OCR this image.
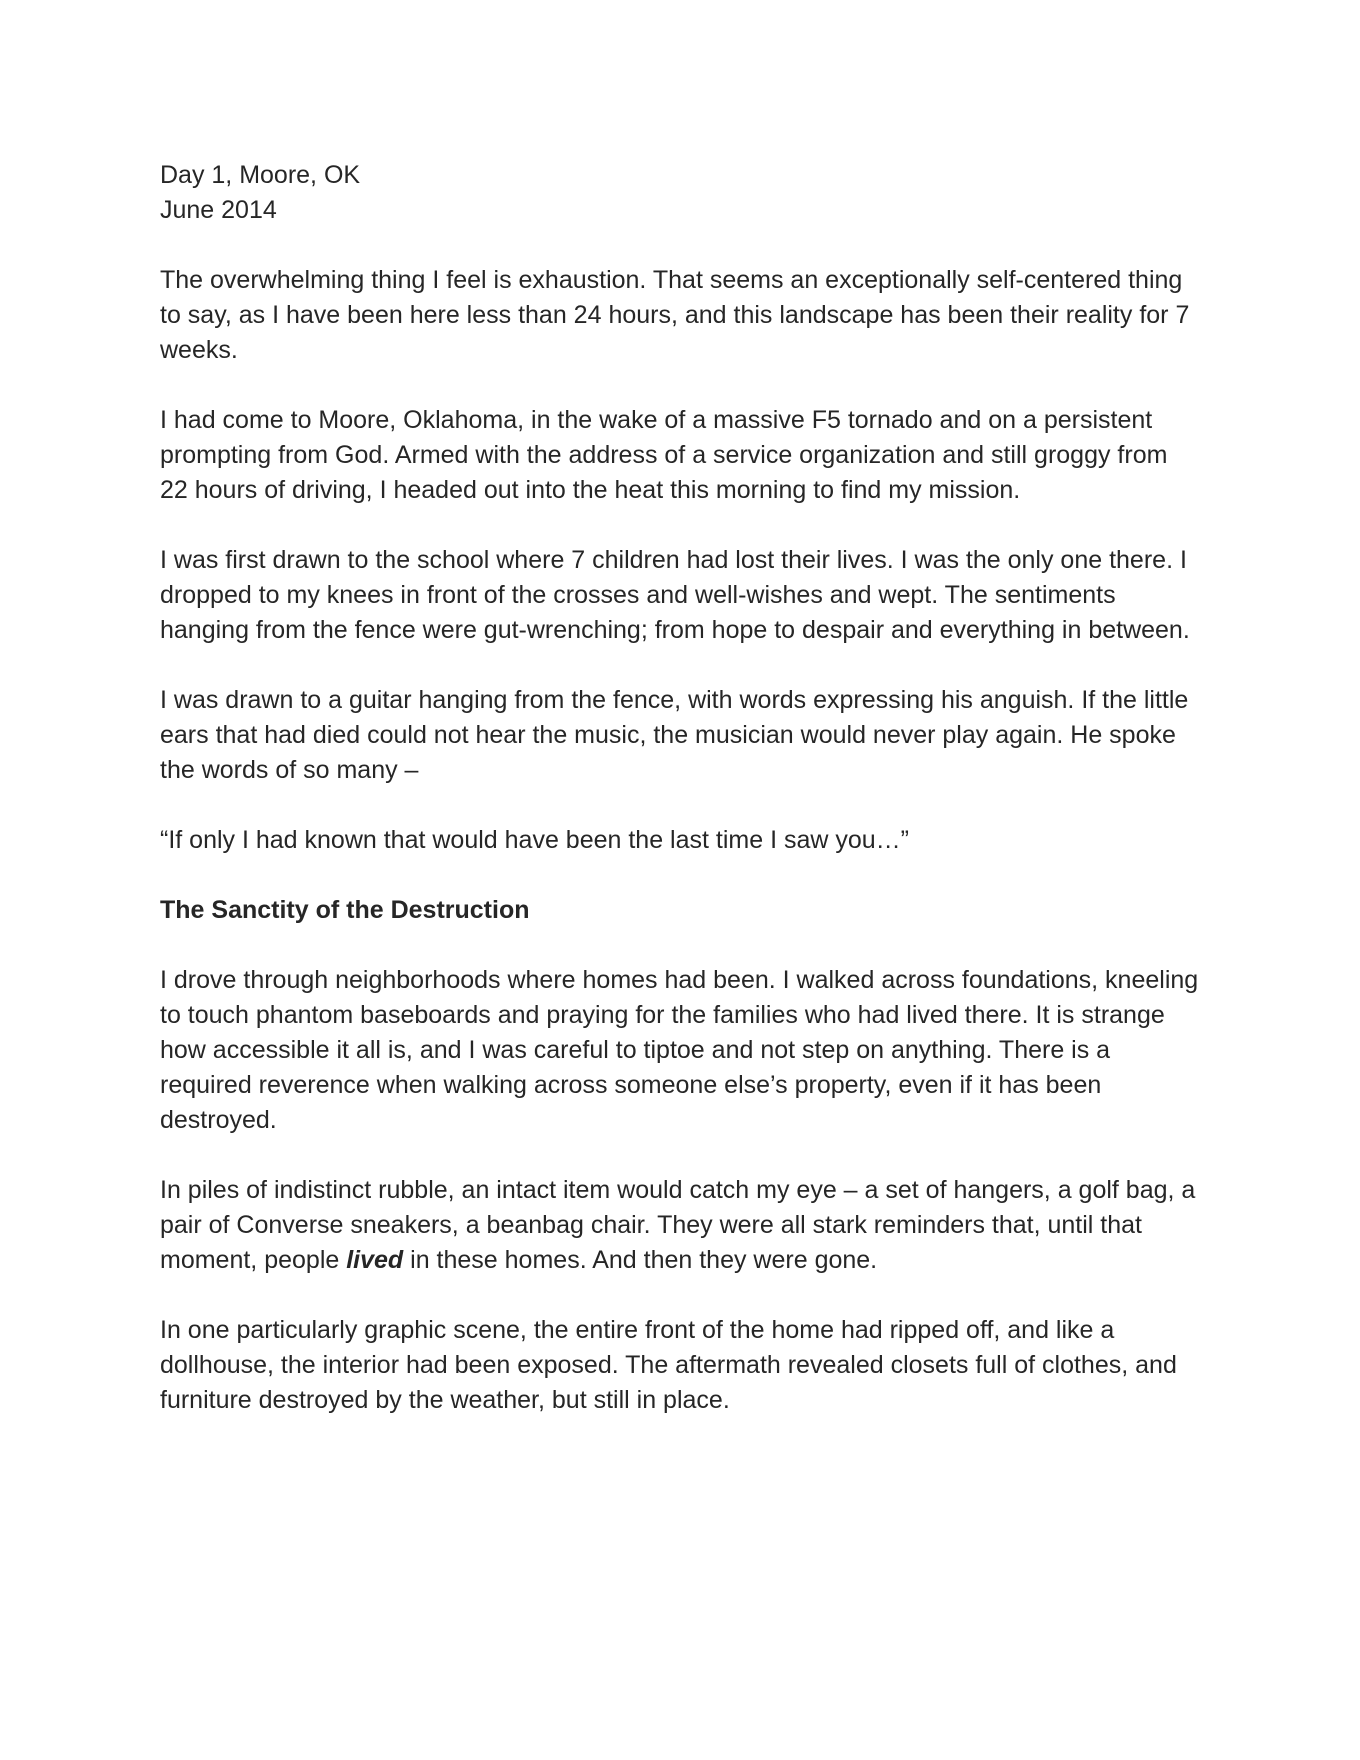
Day 1, Moore, OK
June 2014

The overwhelming thing I feel is exhaustion. That seems an exceptionally self-centered thing to say, as I have been here less than 24 hours, and this landscape has been their reality for 7 weeks.

I had come to Moore, Oklahoma, in the wake of a massive F5 tornado and on a persistent prompting from God. Armed with the address of a service organization and still groggy from 22 hours of driving, I headed out into the heat this morning to find my mission.

I was first drawn to the school where 7 children had lost their lives. I was the only one there. I dropped to my knees in front of the crosses and well-wishes and wept. The sentiments hanging from the fence were gut-wrenching; from hope to despair and everything in between.

I was drawn to a guitar hanging from the fence, with words expressing his anguish. If the little ears that had died could not hear the music, the musician would never play again. He spoke the words of so many –

“If only I had known that would have been the last time I saw you…”

The Sanctity of the Destruction

I drove through neighborhoods where homes had been. I walked across foundations, kneeling to touch phantom baseboards and praying for the families who had lived there. It is strange how accessible it all is, and I was careful to tiptoe and not step on anything. There is a required reverence when walking across someone else’s property, even if it has been destroyed.

In piles of indistinct rubble, an intact item would catch my eye – a set of hangers, a golf bag, a pair of Converse sneakers, a beanbag chair. They were all stark reminders that, until that moment, people lived in these homes. And then they were gone.

In one particularly graphic scene, the entire front of the home had ripped off, and like a dollhouse, the interior had been exposed. The aftermath revealed closets full of clothes, and furniture destroyed by the weather, but still in place.
